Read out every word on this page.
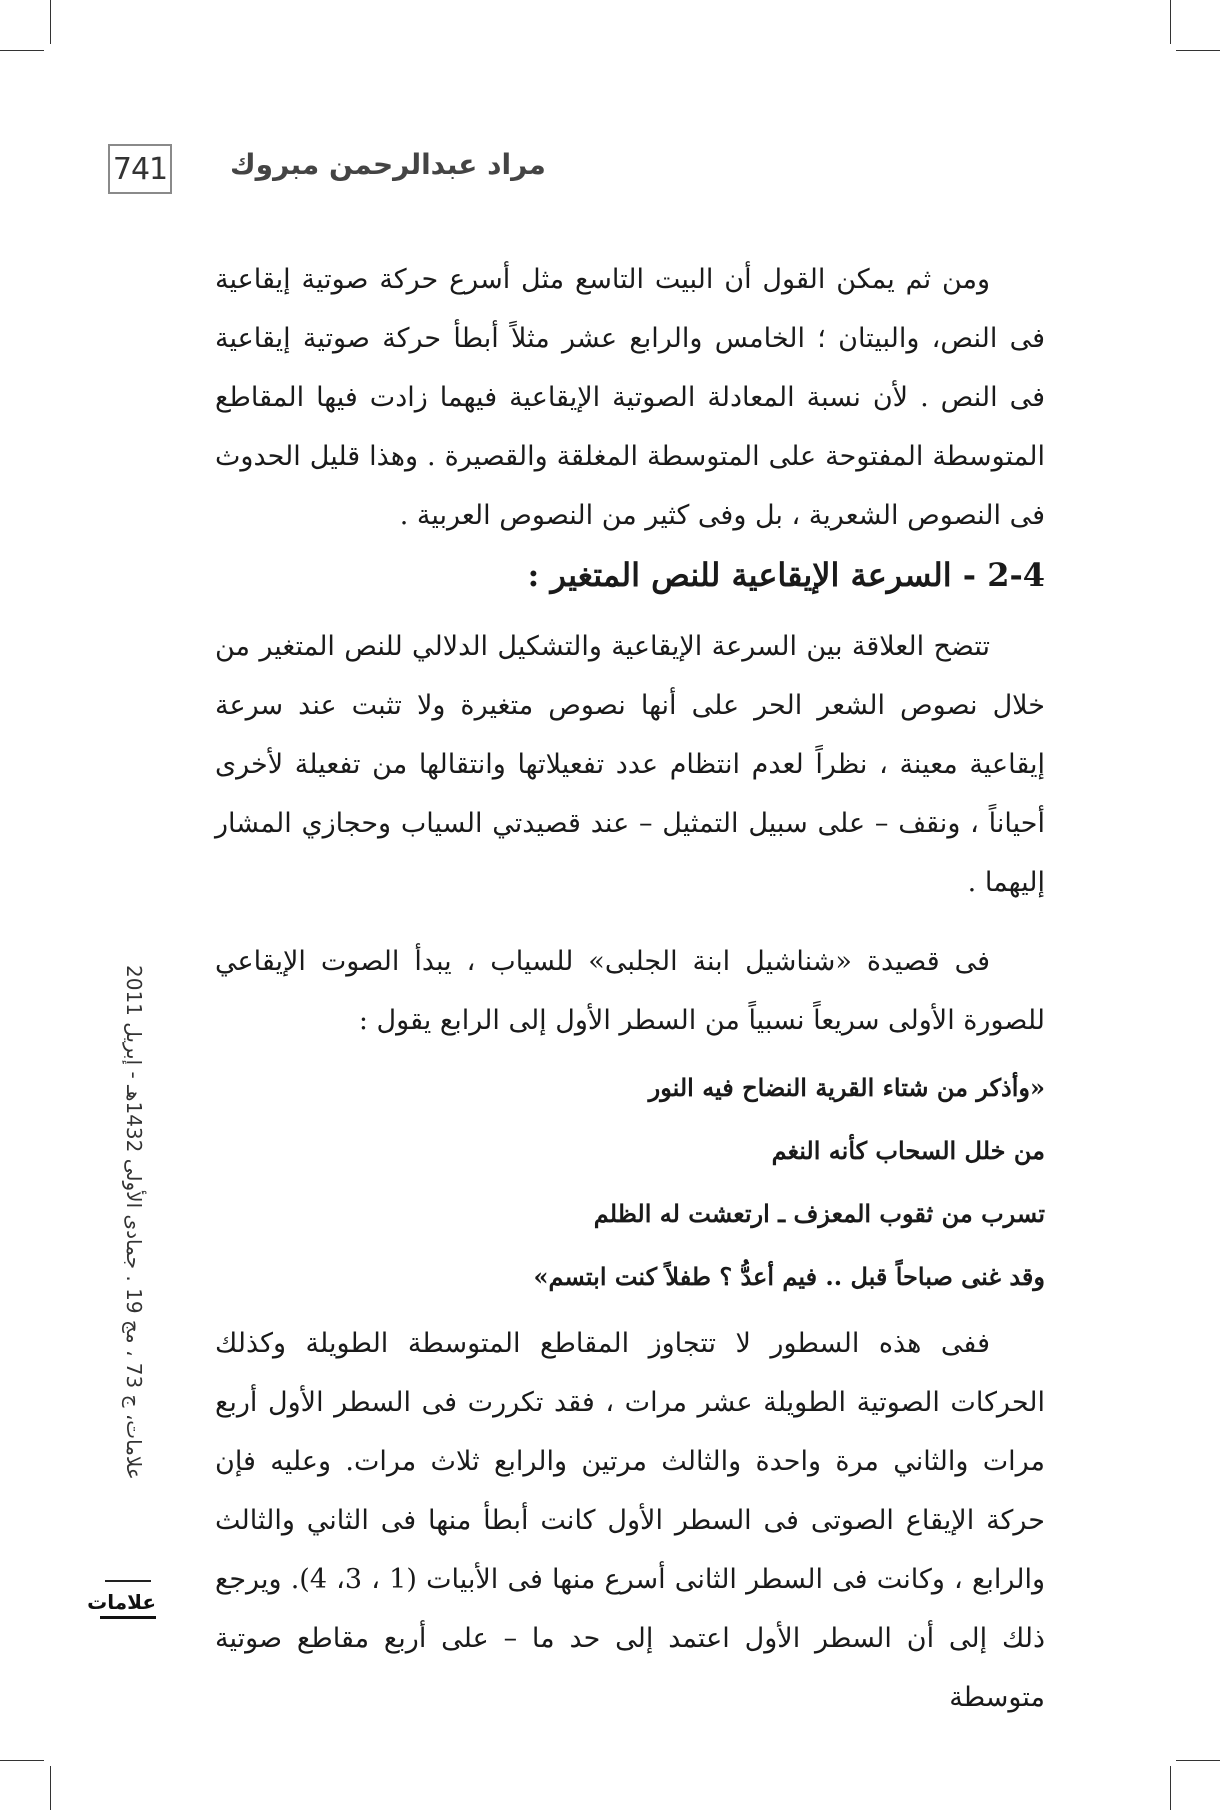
741 مراد عبدالرحمن مبروك

ومن ثم يمكن القول أن البيت التاسع مثل أسرع حركة صوتية إيقاعية فى النص، والبيتان ؛ الخامس والرابع عشر مثلاً أبطأ حركة صوتية إيقاعية فى النص . لأن نسبة المعادلة الصوتية الإيقاعية فيهما زادت فيها المقاطع المتوسطة المفتوحة على المتوسطة المغلقة والقصيرة . وهذا قليل الحدوث فى النصوص الشعرية ، بل وفى كثير من النصوص العربية .

2-4 - السرعة الإيقاعية للنص المتغير :

تتضح العلاقة بين السرعة الإيقاعية والتشكيل الدلالي للنص المتغير من خلال نصوص الشعر الحر على أنها نصوص متغيرة ولا تثبت عند سرعة إيقاعية معينة ، نظراً لعدم انتظام عدد تفعيلاتها وانتقالها من تفعيلة لأخرى أحياناً ، ونقف – على سبيل التمثيل – عند قصيدتي السياب وحجازي المشار إليهما .

فى قصيدة «شناشيل ابنة الجلبى» للسياب ، يبدأ الصوت الإيقاعي للصورة الأولى سريعاً نسبياً من السطر الأول إلى الرابع يقول :

«وأذكر من شتاء القرية النضاح فيه النور
من خلل السحاب كأنه النغم
تسرب من ثقوب المعزف ـ ارتعشت له الظلم
وقد غنى صباحاً قبل .. فيم أعدُّ ؟ طفلاً كنت ابتسم»

ففى هذه السطور لا تتجاوز المقاطع المتوسطة الطويلة وكذلك الحركات الصوتية الطويلة عشر مرات ، فقد تكررت فى السطر الأول أربع مرات والثاني مرة واحدة والثالث مرتين والرابع ثلاث مرات. وعليه فإن حركة الإيقاع الصوتى فى السطر الأول كانت أبطأ منها فى الثاني والثالث والرابع ، وكانت فى السطر الثانى أسرع منها فى الأبيات (1 ، 3، 4). ويرجع ذلك إلى أن السطر الأول اعتمد إلى حد ما – على أربع مقاطع صوتية متوسطة

علامات، ج 73 ، مج 19 . جمادى الأولى 1432هـ - إبريل 2011
علامات
